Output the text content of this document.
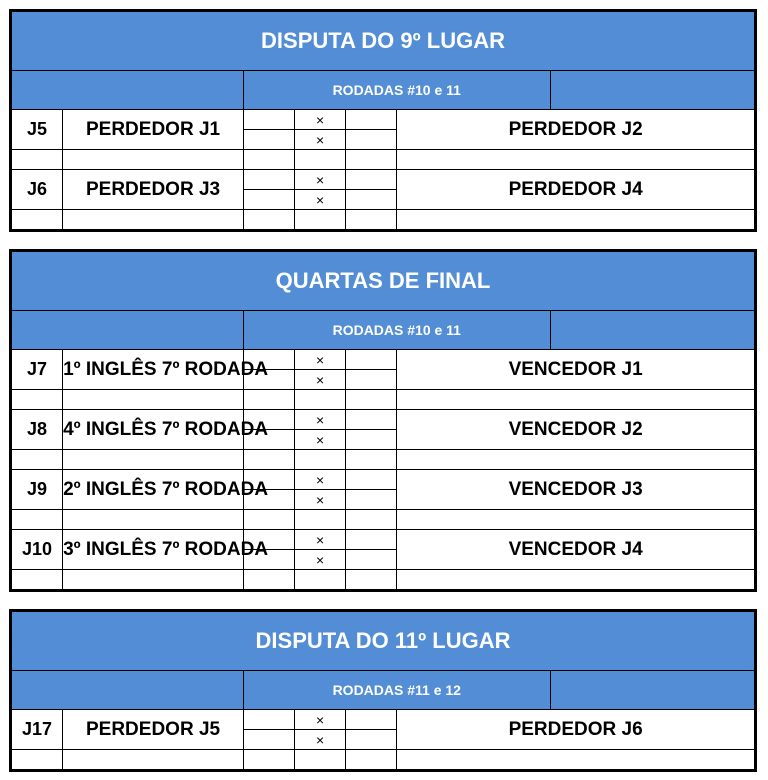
DISPUTA DO 9º LUGAR						
		RODADAS #10 e 11				
J5	PERDEDOR J1		×		PERDEDOR J2	
			×			

J6	PERDEDOR J3		×		PERDEDOR J4	
			×			

QUARTAS DE FINAL						
		RODADAS #10 e 11				
J7	1º INGLÊS 7º RODADA		×		VENCEDOR J1	
			×			

J8	4º INGLÊS 7º RODADA		×		VENCEDOR J2	
			×			

J9	2º INGLÊS 7º RODADA		×		VENCEDOR J3	
			×			

J10	3º INGLÊS 7º RODADA		×		VENCEDOR J4	
			×			

DISPUTA DO 11º LUGAR						
		RODADAS #11 e 12				
J17	PERDEDOR J5		×		PERDEDOR J6	
			×			
